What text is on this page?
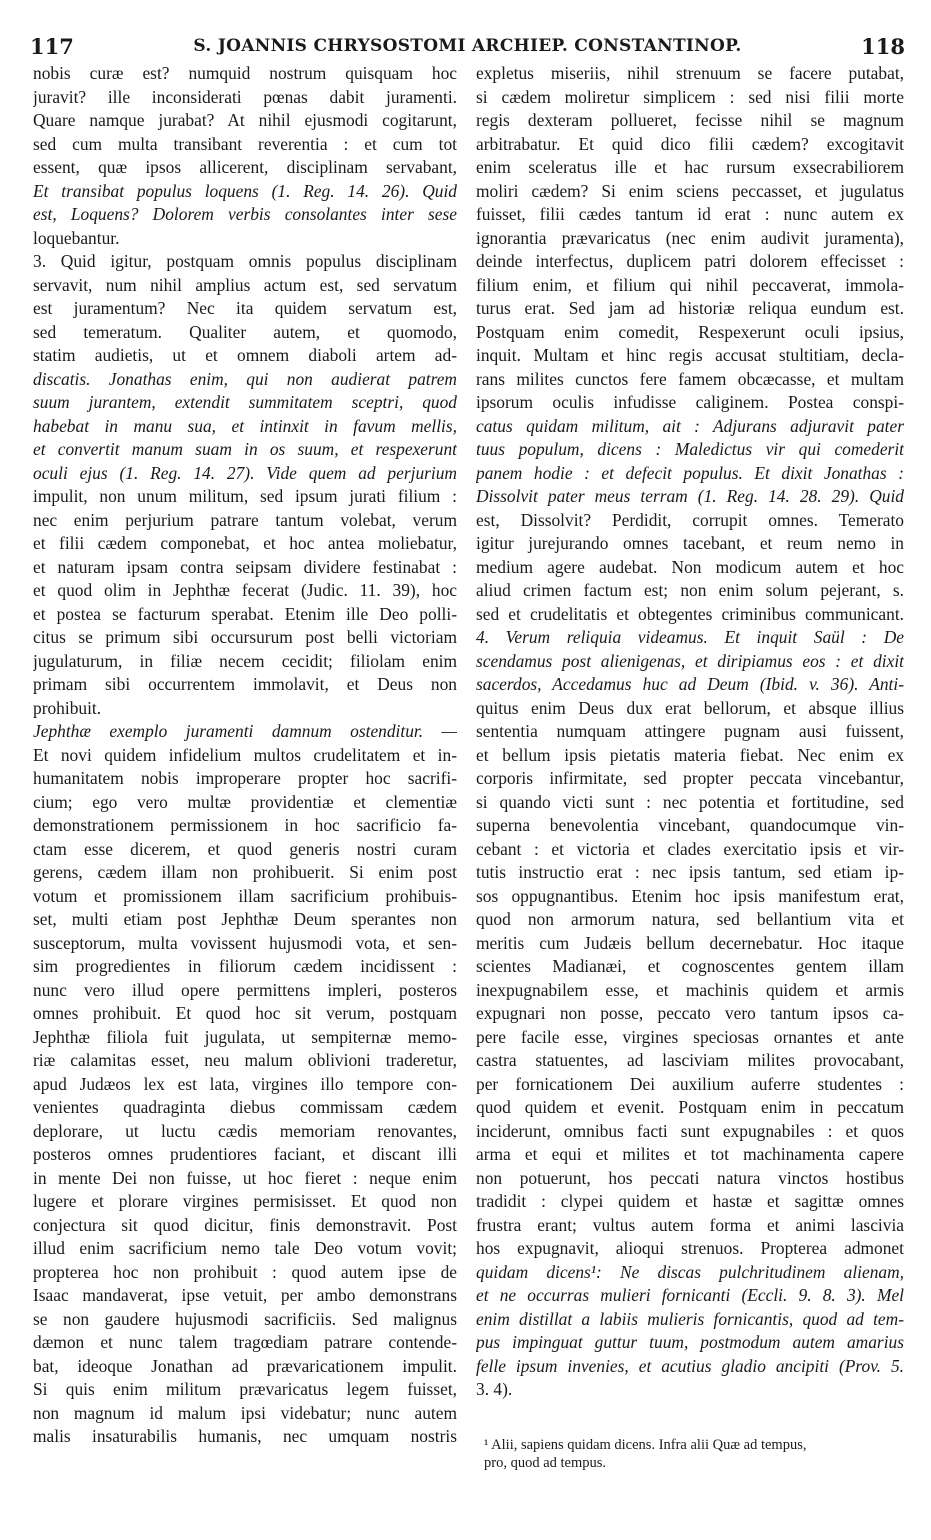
117	S. JOANNIS CHRYSOSTOMI ARCHIEP. CONSTANTINOP.	118
nobis curæ est? numquid nostrum quisquam hoc
juravit? ille inconsiderati pœnas dabit juramenti.
Quare namque jurabat? At nihil ejusmodi cogitarunt,
sed cum multa transibant reverentia : et cum tot
essent, quæ ipsos allicerent, disciplinam servabant,
Et transibat populus loquens (1. Reg. 14. 26). Quid
est, Loquens? Dolorem verbis consolantes inter sese
loquebantur.
3. Quid igitur, postquam omnis populus disciplinam
servavit, num nihil amplius actum est, sed servatum
est juramentum? Nec ita quidem servatum est,
sed temeratum. Qualiter autem, et quomodo,
statim audietis, ut et omnem diaboli artem ad-
discatis. Jonathas enim, qui non audierat patrem
suum jurantem, extendit summitatem sceptri, quod
habebat in manu sua, et intinxit in favum mellis,
et convertit manum suam in os suum, et respexerunt
oculi ejus (1. Reg. 14. 27). Vide quem ad perjurium
impulit, non unum militum, sed ipsum jurati filium :
nec enim perjurium patrare tantum volebat, verum
et filii cædem componebat, et hoc antea moliebatur,
et naturam ipsam contra seipsam dividere festinabat :
et quod olim in Jephthæ fecerat (Judic. 11. 39), hoc
et postea se facturum sperabat. Etenim ille Deo polli-
citus se primum sibi occursurum post belli victoriam
jugulaturum, in filiæ necem cecidit; filiolam enim
primam sibi occurrentem immolavit, et Deus non
prohibuit.
Jephthæ exemplo juramenti damnum ostenditur. —
Et novi quidem infidelium multos crudelitatem et in-
humanitatem nobis improperare propter hoc sacrifi-
cium; ego vero multæ providentiæ et clementiæ
demonstrationem permissionem in hoc sacrificio fa-
ctam esse dicerem, et quod generis nostri curam
gerens, cædem illam non prohibuerit. Si enim post
votum et promissionem illam sacrificium prohibuis-
set, multi etiam post Jephthæ Deum sperantes non
susceptorum, multa vovissent hujusmodi vota, et sen-
sim progredientes in filiorum cædem incidissent :
nunc vero illud opere permittens impleri, posteros
omnes prohibuit. Et quod hoc sit verum, postquam
Jephthæ filiola fuit jugulata, ut sempiternæ memo-
riæ calamitas esset, neu malum oblivioni traderetur,
apud Judæos lex est lata, virgines illo tempore con-
venientes quadraginta diebus commissam cædem
deplorare, ut luctu cædis memoriam renovantes,
posteros omnes prudentiores faciant, et discant illi
in mente Dei non fuisse, ut hoc fieret : neque enim
lugere et plorare virgines permisisset. Et quod non
conjectura sit quod dicitur, finis demonstravit. Post
illud enim sacrificium nemo tale Deo votum vovit;
propterea hoc non prohibuit : quod autem ipse de
Isaac mandaverat, ipse vetuit, per ambo demonstrans
se non gaudere hujusmodi sacrificiis. Sed malignus
dæmon et nunc talem tragœdiam patrare contende-
bat, ideoque Jonathan ad prævaricationem impulit.
Si quis enim militum prævaricatus legem fuisset,
non magnum id malum ipsi videbatur; nunc autem
malis insaturabilis humanis, nec umquam nostris
expletus miseriis, nihil strenuum se facere putabat,
si cædem moliretur simplicem : sed nisi filii morte
regis dexteram pollueret, fecisse nihil se magnum
arbitrabatur. Et quid dico filii cædem? excogitavit
enim sceleratus ille et hac rursum exsecrabiliorem
moliri cædem? Si enim sciens peccasset, et jugulatus
fuisset, filii cædes tantum id erat : nunc autem ex
ignorantia prævaricatus (nec enim audivit juramenta),
deinde interfectus, duplicem patri dolorem effecisset :
filium enim, et filium qui nihil peccaverat, immola-
turus erat. Sed jam ad historiæ reliqua eundum est.
Postquam enim comedit, Respexerunt oculi ipsius,
inquit. Multam et hinc regis accusat stultitiam, decla-
rans milites cunctos fere famem obcæcasse, et multam
ipsorum oculis infudisse caliginem. Postea conspi-
catus quidam militum, ait : Adjurans adjuravit pater
tuus populum, dicens : Maledictus vir qui comederit
panem hodie : et defecit populus. Et dixit Jonathas :
Dissolvit pater meus terram (1. Reg. 14. 28. 29). Quid
est, Dissolvit? Perdidit, corrupit omnes. Temerato
igitur jurejurando omnes tacebant, et reum nemo in
medium agere audebat. Non modicum autem et hoc
aliud crimen factum est; non enim solum pejerant, s.
sed et crudelitatis et obtegentes criminibus communicant.
4. Verum reliquia videamus. Et inquit Saül : De
scendamus post alienigenas, et diripiamus eos : et dixit
sacerdos, Accedamus huc ad Deum (Ibid. v. 36). Anti-
quitus enim Deus dux erat bellorum, et absque illius
sententia numquam attingere pugnam ausi fuissent,
et bellum ipsis pietatis materia fiebat. Nec enim ex
corporis infirmitate, sed propter peccata vincebantur,
si quando victi sunt : nec potentia et fortitudine, sed
superna benevolentia vincebant, quandocumque vin-
cebant : et victoria et clades exercitatio ipsis et vir-
tutis instructio erat : nec ipsis tantum, sed etiam ip-
sos oppugnantibus. Etenim hoc ipsis manifestum erat,
quod non armorum natura, sed bellantium vita et
meritis cum Judæis bellum decernebatur. Hoc itaque
scientes Madianæi, et cognoscentes gentem illam
inexpugnabilem esse, et machinis quidem et armis
expugnari non posse, peccato vero tantum ipsos ca-
pere facile esse, virgines speciosas ornantes et ante
castra statuentes, ad lasciviam milites provocabant,
per fornicationem Dei auxilium auferre studentes :
quod quidem et evenit. Postquam enim in peccatum
inciderunt, omnibus facti sunt expugnabiles : et quos
arma et equi et milites et tot machinamenta capere
non potuerunt, hos peccati natura vinctos hostibus
tradidit : clypei quidem et hastæ et sagittæ omnes
frustra erant; vultus autem forma et animi lascivia
hos expugnavit, alioqui strenuos. Propterea admonet
quidam dicens¹: Ne discas pulchritudinem alienam,
et ne occurras mulieri fornicanti (Eccli. 9. 8. 3). Mel
enim distillat a labiis mulieris fornicantis, quod ad tem-
pus impinguat guttur tuum, postmodum autem amarius
felle ipsum invenies, et acutius gladio ancipiti (Prov. 5.
3. 4).
¹ Alii, sapiens quidam dicens. Infra alii Quæ ad tempus,
pro, quod ad tempus.
